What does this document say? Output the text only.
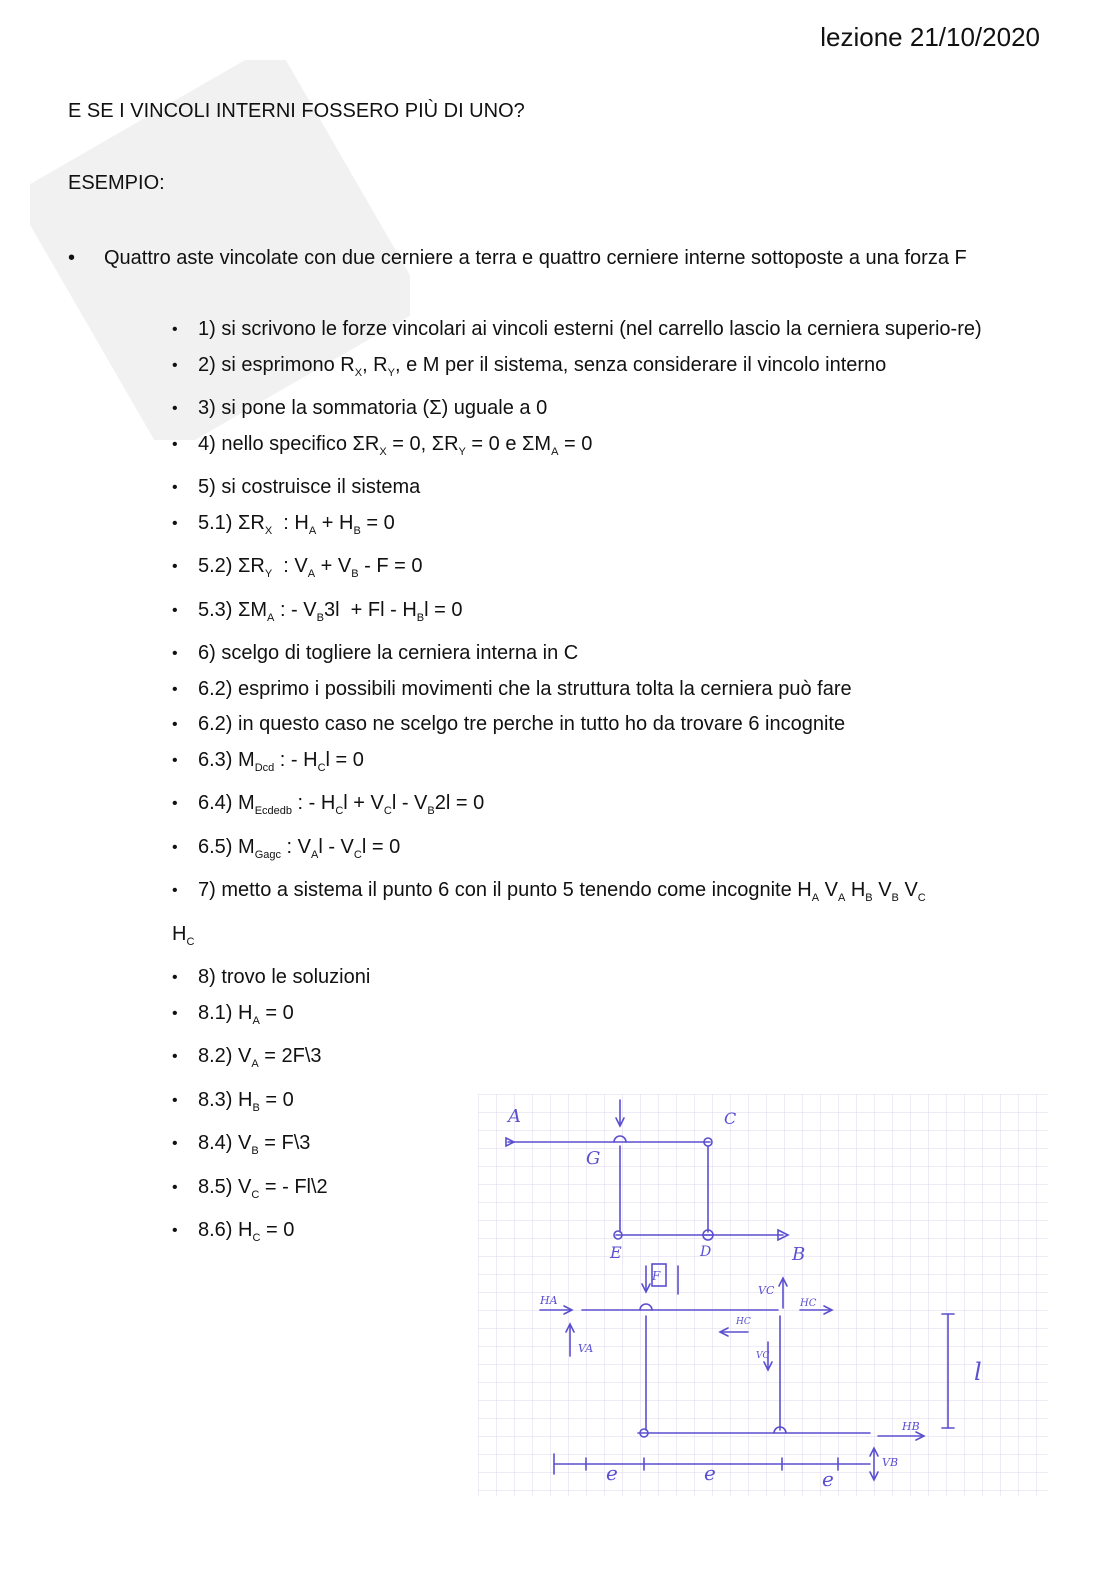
lezione 21/10/2020
E SE I VINCOLI INTERNI FOSSERO PIÙ DI UNO?
ESEMPIO:
• Quattro aste vincolate con due cerniere a terra e quattro cerniere interne sottoposte a una forza F
• 1) si scrivono le forze vincolari ai vincoli esterni (nel carrello lascio la cerniera superio-re)
• 2) si esprimono $R_X$, $R_Y$, e M per il sistema, senza considerare il vincolo interno
• 3) si pone la sommatoria (Σ) uguale a 0
• 4) nello specifico $\Sigma R_X = 0$, $\Sigma R_Y = 0$ e $\Sigma M_A = 0$
• 5) si costruisce il sistema
• 5.1) $\Sigma R_X$  : $H_A + H_B = 0$
• 5.2) $\Sigma R_Y$  : $V_A + V_B - F = 0$
• 5.3) $\Sigma M_A$ : - $V_B3l + Fl - H_Bl = 0$
• 6) scelgo di togliere la cerniera interna in C
• 6.2) esprimo i possibili movimenti che la struttura tolta la cerniera può fare
• 6.2) in questo caso ne scelgo tre perche in tutto ho da trovare 6 incognite
• 6.3) $M_{Dcd}$ : - $H_Cl = 0$
• 6.4) $M_{Ecdedb}$ : - $H_Cl + V_Cl - V_B2l = 0$
• 6.5) $M_{Gagc}$ : $V_Al - V_Cl = 0$
• 7) metto a sistema il punto 6 con il punto 5 tenendo come incognite $H_A$ $V_A$ $H_B$ $V_B$ $V_C$
$H_C$
• 8) trovo le soluzioni
• 8.1) $H_A = 0$
• 8.2) $V_A$ = 2F\3
• 8.3) $H_B = 0$
• 8.4) $V_B$ = F\3
• 8.5) $V_C$ = - Fl\2
• 8.6) $H_C = 0$
A	C
G
E	D	B
F
HA
VA
VC
HC
HC
VC
HB
VB
l
e	e	e
